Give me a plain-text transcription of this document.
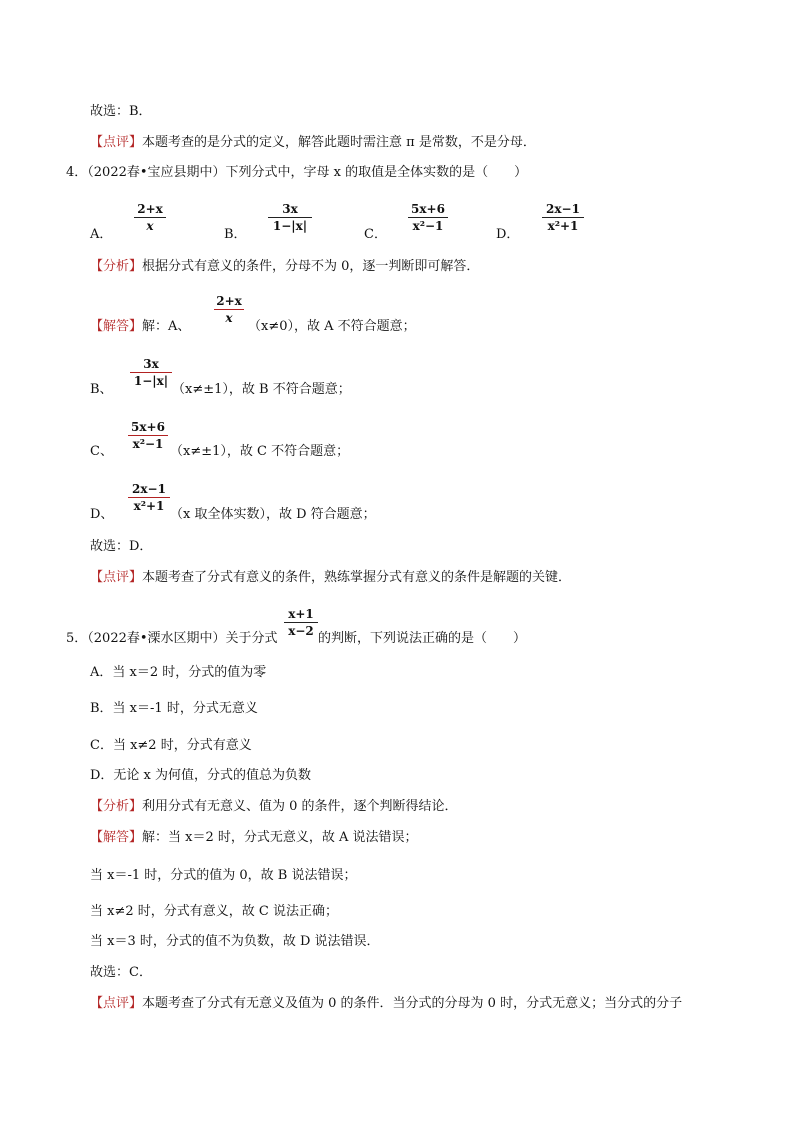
故选：B．
【点评】本题考查的是分式的定义，解答此题时需注意 π 是常数，不是分母．
4．（2022春•宝应县期中）下列分式中，字母 x 的取值是全体实数的是（　　）
A．
2+x
x
B．
3x
1−|x|
C．
5x+6
x²−1
D．
2x−1
x²+1
【分析】根据分式有意义的条件，分母不为 0，逐一判断即可解答．
【解答】解：A、
2+x
x
（x≠0），故 A 不符合题意；
B、
3x
1−|x|
（x≠±1），故 B 不符合题意；
C、
5x+6
x²−1 （x≠±1），故 C 不符合题意；
D、
2x−1
x²+1
（x 取全体实数），故 D 符合题意；
故选：D．
【点评】本题考查了分式有意义的条件，熟练掌握分式有意义的条件是解题的关键．
5．（2022春•溧水区期中）关于分式
x+1
x−2 的判断，下列说法正确的是（　　）
A．当 x＝2 时，分式的值为零
B．当 x＝-1 时，分式无意义
C．当 x≠2 时，分式有意义
D．无论 x 为何值，分式的值总为负数
【分析】利用分式有无意义、值为 0 的条件，逐个判断得结论．
【解答】解：当 x＝2 时，分式无意义，故 A 说法错误；
当 x＝-1 时，分式的值为 0，故 B 说法错误；
当 x≠2 时，分式有意义，故 C 说法正确；
当 x＝3 时，分式的值不为负数，故 D 说法错误．
故选：C．
【点评】本题考查了分式有无意义及值为 0 的条件．当分式的分母为 0 时，分式无意义；当分式的分子
